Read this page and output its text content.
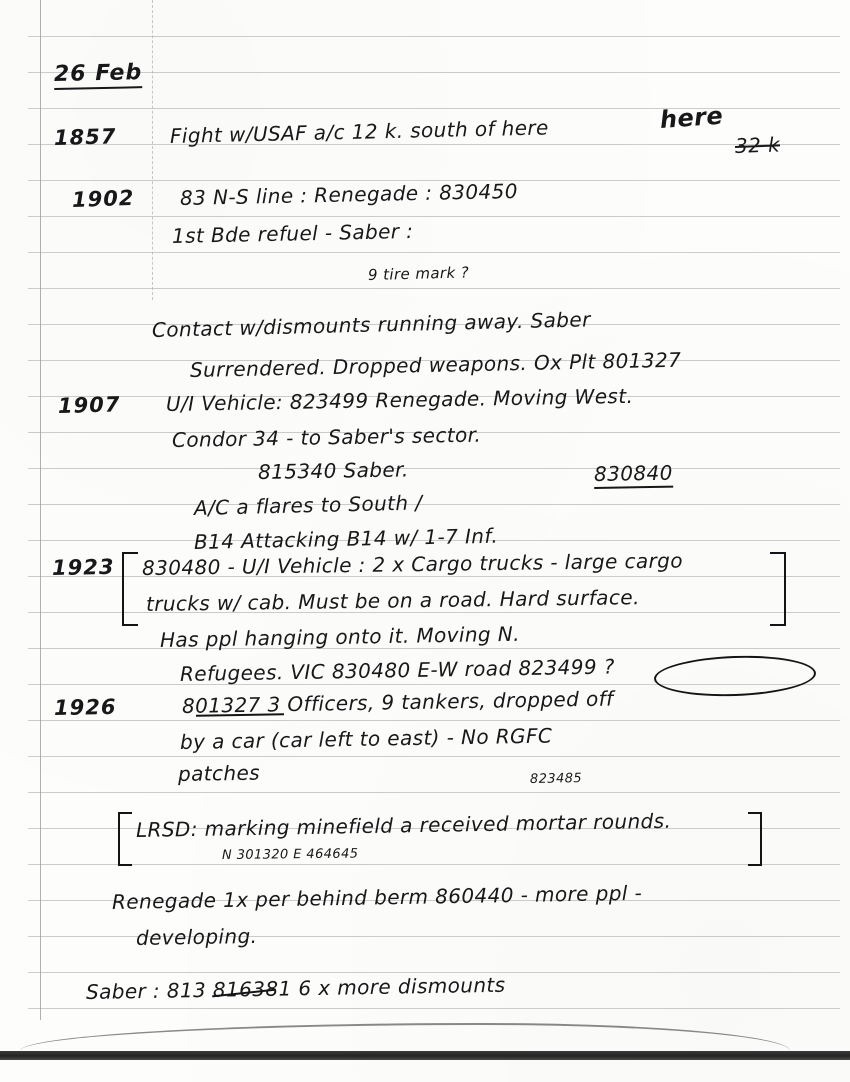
26 Feb
1857	Fight w/USAF a/c 12 k. south of here	here
32 k
1902 83 N-S line : Renegade : 830450
1st Bde refuel - Saber :
9 tire mark ?
Contact w/dismounts running away. Saber
Surrendered. Dropped weapons. Ox Plt 801327
1907 U/I Vehicle: 823499 Renegade. Moving West.
Condor 34 - to Saber's sector.
815340 Saber.	830840
A/C a flares to South /
B14 Attacking B14 w/ 1-7 Inf.
1923 830480 - U/I Vehicle : 2 x Cargo trucks - large cargo
trucks w/ cab. Must be on a road. Hard surface.
Has ppl hanging onto it. Moving N.
Refugees. VIC 830480 E-W road 823499 ?
1926	801327 3 Officers, 9 tankers, dropped off
by a car (car left to east) - No RGFC
patches	823485
LRSD: marking minefield a received mortar rounds.
N 301320 E 464645
Renegade 1x per behind berm 860440 - more ppl -
developing.
Saber : 813 816381 6 x more dismounts
